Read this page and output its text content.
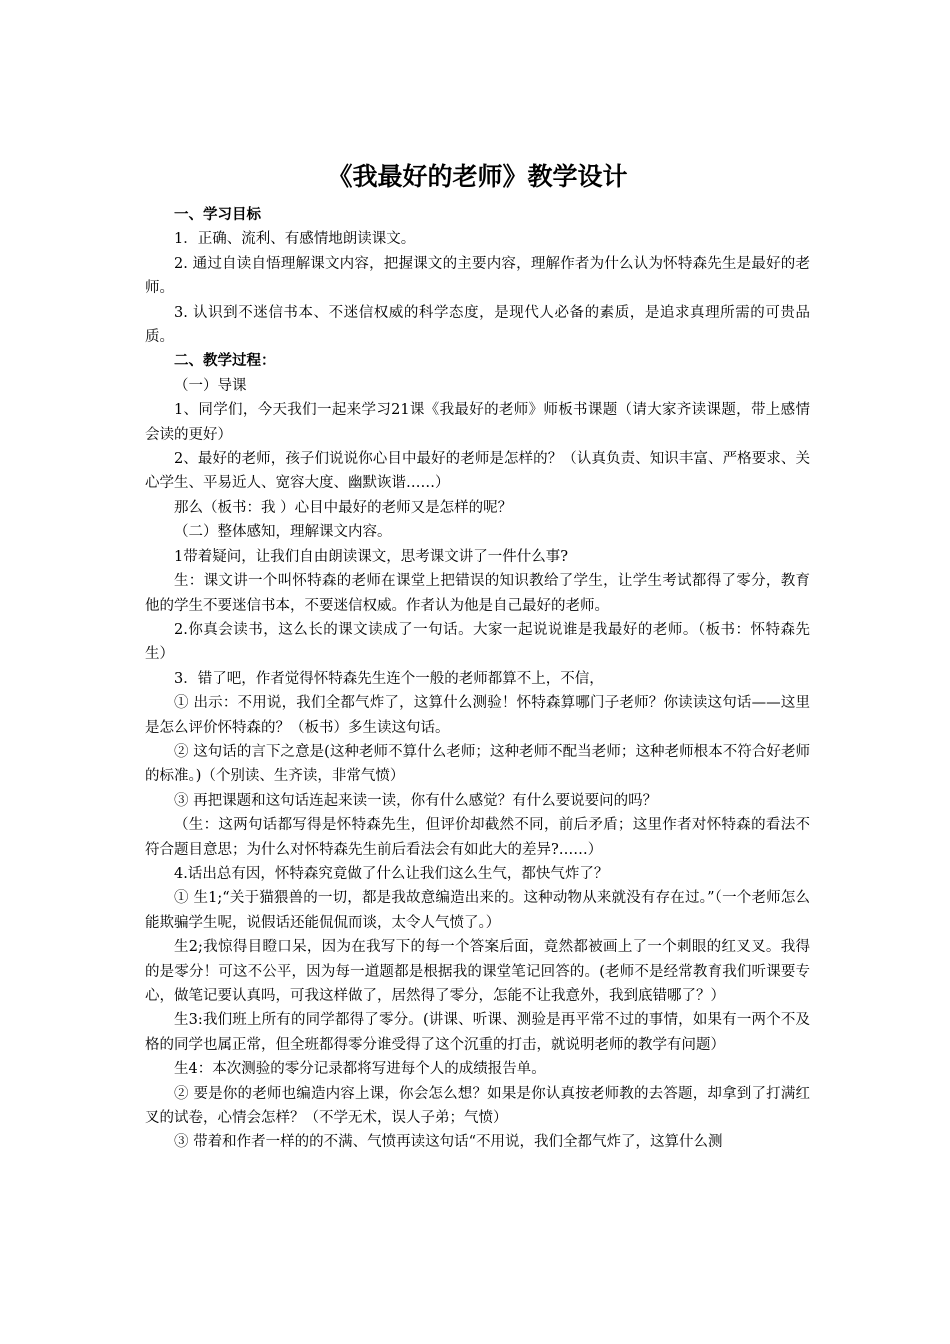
《我最好的老师》教学设计

一、学习目标

1．正确、流利、有感情地朗读课文。

2. 通过自读自悟理解课文内容，把握课文的主要内容，理解作者为什么认为怀特森先生是最好的老师。

3. 认识到不迷信书本、不迷信权威的科学态度，是现代人必备的素质，是追求真理所需的可贵品质。

二、教学过程：

（一）导课

1、同学们，今天我们一起来学习21课《我最好的老师》师板书课题（请大家齐读课题，带上感情会读的更好）

2、最好的老师，孩子们说说你心目中最好的老师是怎样的？（认真负责、知识丰富、严格要求、关心学生、平易近人、宽容大度、幽默诙谐……）

那么（板书：我 ）心目中最好的老师又是怎样的呢？

（二）整体感知，理解课文内容。

1带着疑问，让我们自由朗读课文，思考课文讲了一件什么事?

生：课文讲一个叫怀特森的老师在课堂上把错误的知识教给了学生，让学生考试都得了零分，教育他的学生不要迷信书本，不要迷信权威。作者认为他是自己最好的老师。

2.你真会读书，这么长的课文读成了一句话。大家一起说说谁是我最好的老师。（板书：怀特森先生）

3．错了吧，作者觉得怀特森先生连个一般的老师都算不上，不信，

① 出示：不用说，我们全都气炸了，这算什么测验！怀特森算哪门子老师？你读读这句话——这里是怎么评价怀特森的？（板书）多生读这句话。

② 这句话的言下之意是(这种老师不算什么老师；这种老师不配当老师；这种老师根本不符合好老师的标准。)（个别读、生齐读，非常气愤）

③ 再把课题和这句话连起来读一读，你有什么感觉？有什么要说要问的吗？

（生：这两句话都写得是怀特森先生，但评价却截然不同，前后矛盾；这里作者对怀特森的看法不符合题目意思；为什么对怀特森先生前后看法会有如此大的差异?……）

4.话出总有因，怀特森究竟做了什么让我们这么生气，都快气炸了？

① 生1;“关于猫猥兽的一切，都是我故意编造出来的。这种动物从来就没有存在过。”（一个老师怎么能欺骗学生呢，说假话还能侃侃而谈，太令人气愤了。）

生2;我惊得目瞪口呆，因为在我写下的每一个答案后面，竟然都被画上了一个刺眼的红叉叉。我得的是零分！可这不公平，因为每一道题都是根据我的课堂笔记回答的。(老师不是经常教育我们听课要专心，做笔记要认真吗，可我这样做了，居然得了零分，怎能不让我意外，我到底错哪了？）

生3:我们班上所有的同学都得了零分。(讲课、听课、测验是再平常不过的事情，如果有一两个不及格的同学也属正常，但全班都得零分谁受得了这个沉重的打击，就说明老师的教学有问题）

生4：本次测验的零分记录都将写进每个人的成绩报告单。

② 要是你的老师也编造内容上课，你会怎么想？如果是你认真按老师教的去答题，却拿到了打满红叉的试卷，心情会怎样？（不学无术，误人子弟；气愤）

③ 带着和作者一样的的不满、气愤再读这句话“不用说，我们全都气炸了，这算什么测
